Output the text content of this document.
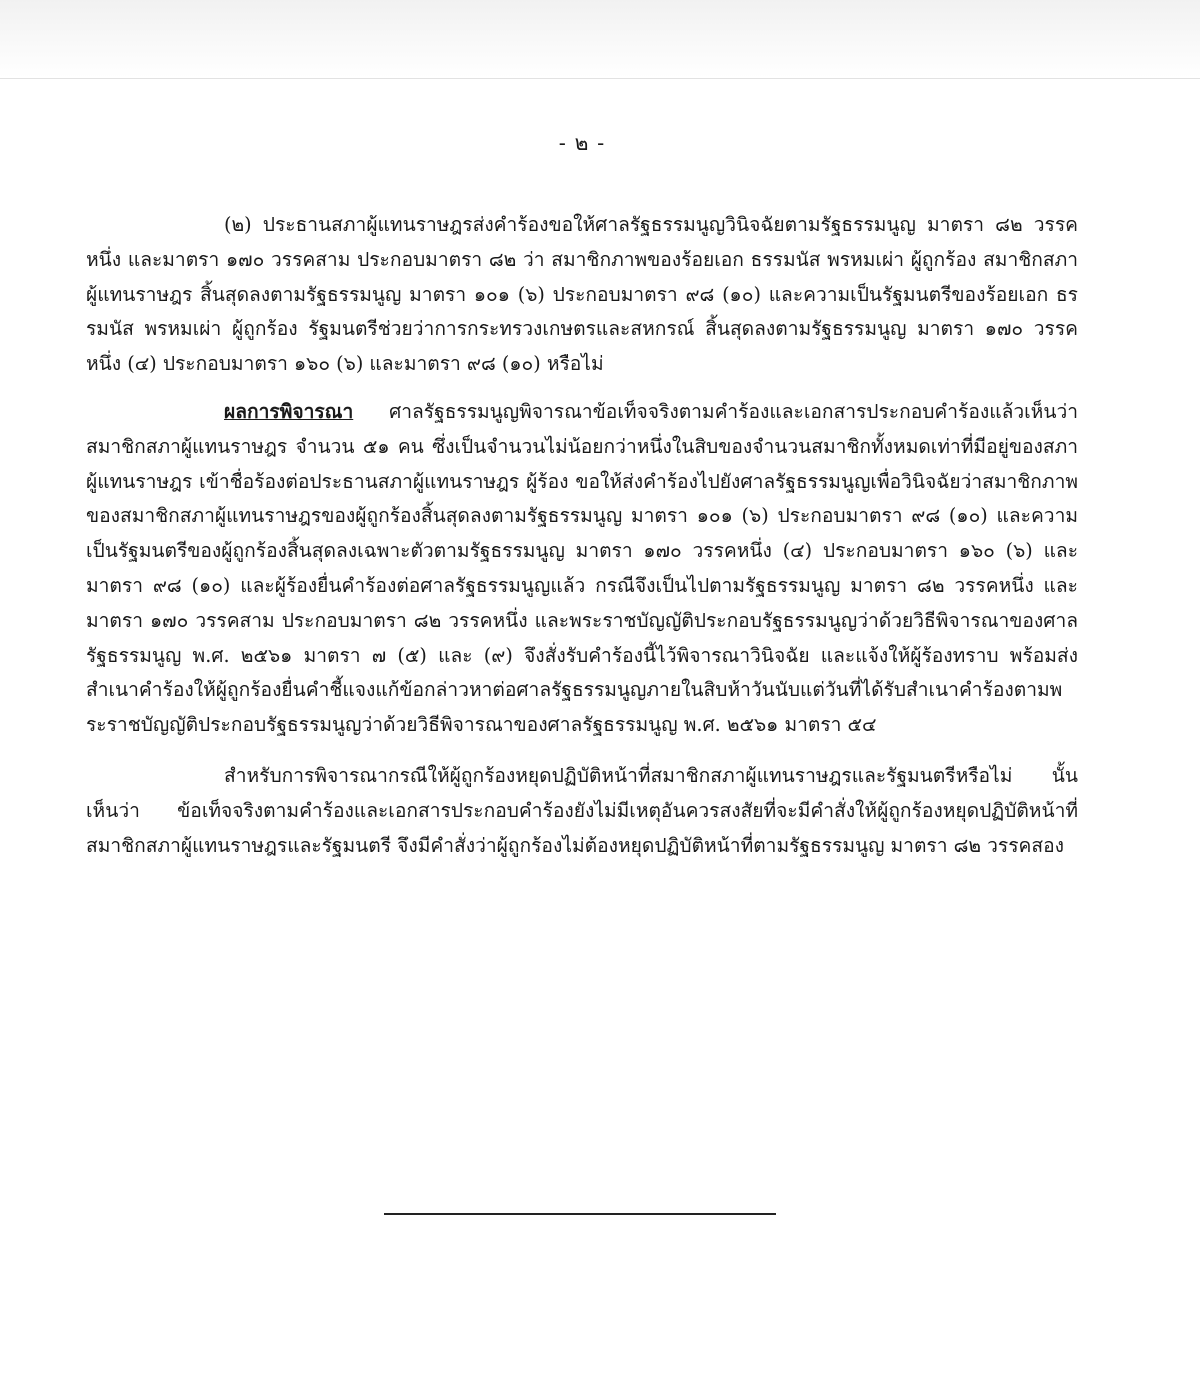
- ๒ -

(๒) ประธานสภาผู้แทนราษฎรส่งคำร้องขอให้ศาลรัฐธรรมนูญวินิจฉัยตามรัฐธรรมนูญ มาตรา ๘๒ วรรคหนึ่ง และมาตรา ๑๗๐ วรรคสาม ประกอบมาตรา ๘๒ ว่า สมาชิกภาพของร้อยเอก ธรรมนัส พรหมเผ่า ผู้ถูกร้อง สมาชิกสภาผู้แทนราษฎร สิ้นสุดลงตามรัฐธรรมนูญ มาตรา ๑๐๑ (๖) ประกอบมาตรา ๙๘ (๑๐) และความเป็นรัฐมนตรีของร้อยเอก ธรรมนัส พรหมเผ่า ผู้ถูกร้อง รัฐมนตรีช่วยว่าการกระทรวงเกษตรและสหกรณ์ สิ้นสุดลงตามรัฐธรรมนูญ มาตรา ๑๗๐ วรรคหนึ่ง (๔) ประกอบมาตรา ๑๖๐ (๖) และมาตรา ๙๘ (๑๐) หรือไม่

ผลการพิจารณา ศาลรัฐธรรมนูญพิจารณาข้อเท็จจริงตามคำร้องและเอกสารประกอบคำร้องแล้วเห็นว่า สมาชิกสภาผู้แทนราษฎร จำนวน ๕๑ คน ซึ่งเป็นจำนวนไม่น้อยกว่าหนึ่งในสิบของจำนวนสมาชิกทั้งหมดเท่าที่มีอยู่ของสภาผู้แทนราษฎร เข้าชื่อร้องต่อประธานสภาผู้แทนราษฎร ผู้ร้อง ขอให้ส่งคำร้องไปยังศาลรัฐธรรมนูญเพื่อวินิจฉัยว่าสมาชิกภาพของสมาชิกสภาผู้แทนราษฎรของผู้ถูกร้องสิ้นสุดลงตามรัฐธรรมนูญ มาตรา ๑๐๑ (๖) ประกอบมาตรา ๙๘ (๑๐) และความเป็นรัฐมนตรีของผู้ถูกร้องสิ้นสุดลงเฉพาะตัวตามรัฐธรรมนูญ มาตรา ๑๗๐ วรรคหนึ่ง (๔) ประกอบมาตรา ๑๖๐ (๖) และมาตรา ๙๘ (๑๐) และผู้ร้องยื่นคำร้องต่อศาลรัฐธรรมนูญแล้ว กรณีจึงเป็นไปตามรัฐธรรมนูญ มาตรา ๘๒ วรรคหนึ่ง และมาตรา ๑๗๐ วรรคสาม ประกอบมาตรา ๘๒ วรรคหนึ่ง และพระราชบัญญัติประกอบรัฐธรรมนูญว่าด้วยวิธีพิจารณาของศาลรัฐธรรมนูญ พ.ศ. ๒๕๖๑ มาตรา ๗ (๕) และ (๙) จึงสั่งรับคำร้องนี้ไว้พิจารณาวินิจฉัย และแจ้งให้ผู้ร้องทราบ พร้อมส่งสำเนาคำร้องให้ผู้ถูกร้องยื่นคำชี้แจงแก้ข้อกล่าวหาต่อศาลรัฐธรรมนูญภายในสิบห้าวันนับแต่วันที่ได้รับสำเนาคำร้องตามพระราชบัญญัติประกอบรัฐธรรมนูญว่าด้วยวิธีพิจารณาของศาลรัฐธรรมนูญ พ.ศ. ๒๕๖๑ มาตรา ๕๔

สำหรับการพิจารณากรณีให้ผู้ถูกร้องหยุดปฏิบัติหน้าที่สมาชิกสภาผู้แทนราษฎรและรัฐมนตรีหรือไม่ นั้น เห็นว่า ข้อเท็จจริงตามคำร้องและเอกสารประกอบคำร้องยังไม่มีเหตุอันควรสงสัยที่จะมีคำสั่งให้ผู้ถูกร้องหยุดปฏิบัติหน้าที่สมาชิกสภาผู้แทนราษฎรและรัฐมนตรี จึงมีคำสั่งว่าผู้ถูกร้องไม่ต้องหยุดปฏิบัติหน้าที่ตามรัฐธรรมนูญ มาตรา ๘๒ วรรคสอง
